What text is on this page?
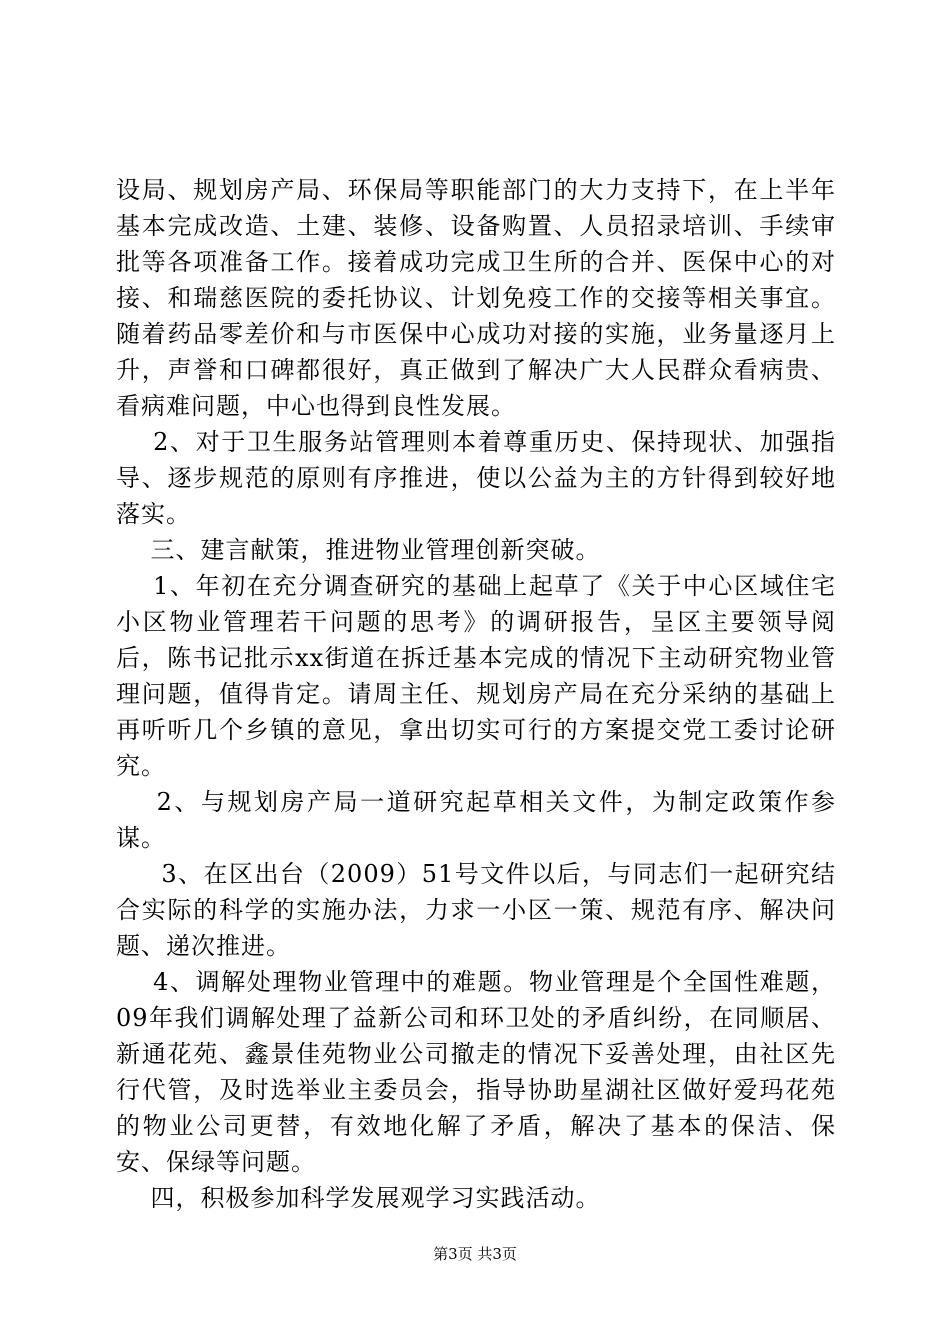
设局、规划房产局、环保局等职能部门的大力支持下，在上半年基本完成改造、土建、装修、设备购置、人员招录培训、手续审批等各项准备工作。接着成功完成卫生所的合并、医保中心的对接、和瑞慈医院的委托协议、计划免疫工作的交接等相关事宜。随着药品零差价和与市医保中心成功对接的实施，业务量逐月上升，声誉和口碑都很好，真正做到了解决广大人民群众看病贵、看病难问题，中心也得到良性发展。

2、对于卫生服务站管理则本着尊重历史、保持现状、加强指导、逐步规范的原则有序推进，使以公益为主的方针得到较好地落实。

三、建言献策，推进物业管理创新突破。

1、年初在充分调查研究的基础上起草了《关于中心区域住宅小区物业管理若干问题的思考》的调研报告，呈区主要领导阅后，陈书记批示xx街道在拆迁基本完成的情况下主动研究物业管理问题，值得肯定。请周主任、规划房产局在充分采纳的基础上再听听几个乡镇的意见，拿出切实可行的方案提交党工委讨论研究。

2、与规划房产局一道研究起草相关文件，为制定政策作参谋。

3、在区出台（2009）51号文件以后，与同志们一起研究结合实际的科学的实施办法，力求一小区一策、规范有序、解决问题、递次推进。

4、调解处理物业管理中的难题。物业管理是个全国性难题，09年我们调解处理了益新公司和环卫处的矛盾纠纷，在同顺居、新通花苑、鑫景佳苑物业公司撤走的情况下妥善处理，由社区先行代管，及时选举业主委员会，指导协助星湖社区做好爱玛花苑的物业公司更替，有效地化解了矛盾，解决了基本的保洁、保安、保绿等问题。

四，积极参加科学发展观学习实践活动。

第3页 共3页
